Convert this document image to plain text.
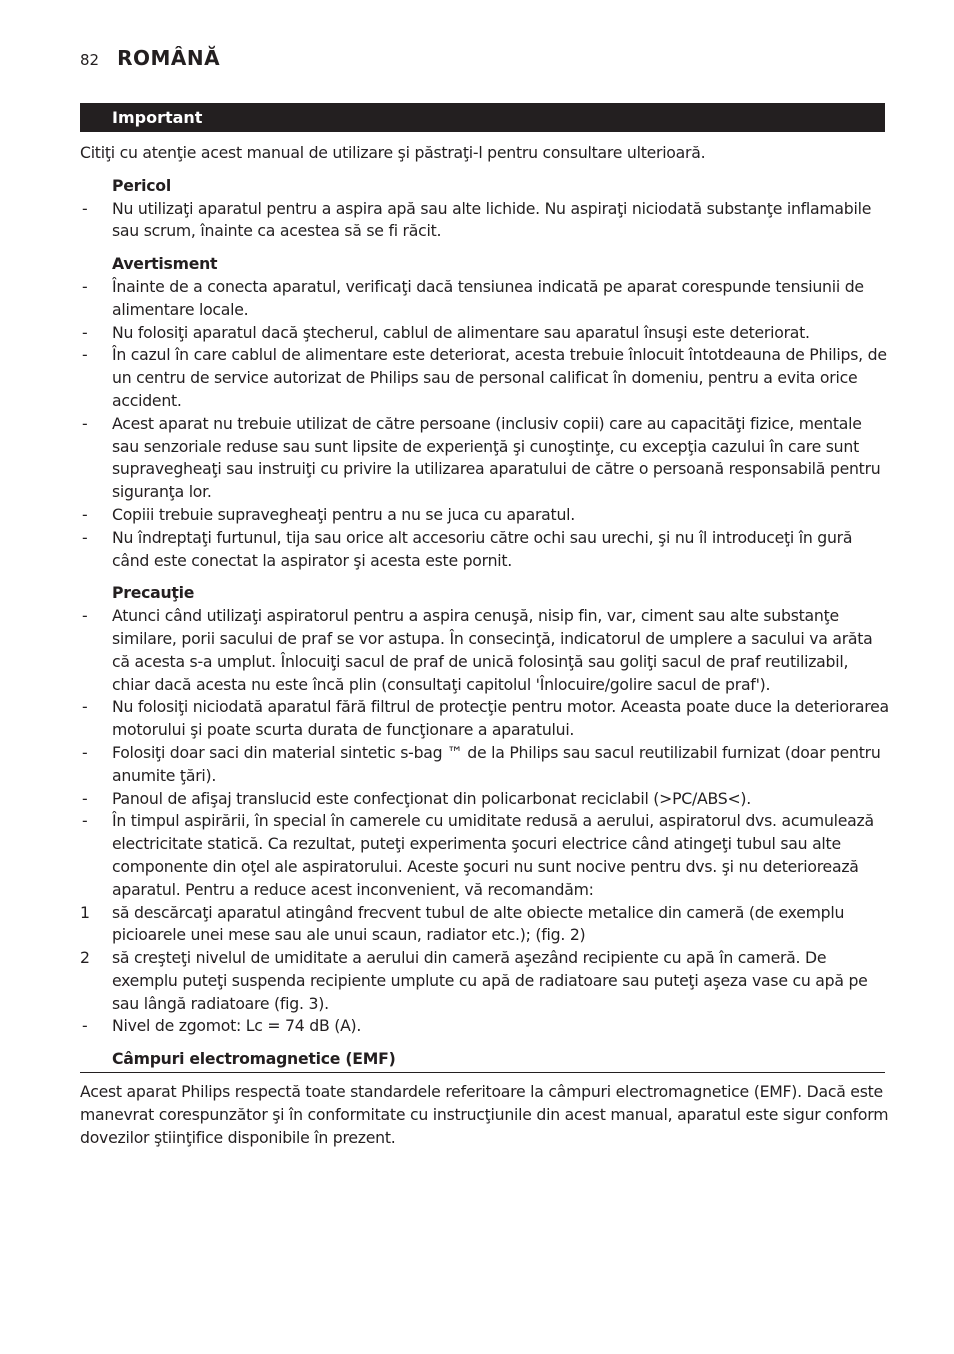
82 ROMÂNĂ
Important

Citiţi cu atenţie acest manual de utilizare şi păstraţi-l pentru consultare ulterioară.

Pericol

- Nu utilizaţi aparatul pentru a aspira apă sau alte lichide. Nu aspiraţi niciodată substanţe inflamabile sau scrum, înainte ca acestea să se fi răcit.

Avertisment

- Înainte de a conecta aparatul, verificaţi dacă tensiunea indicată pe aparat corespunde tensiunii de alimentare locale.
- Nu folosiţi aparatul dacă ştecherul, cablul de alimentare sau aparatul însuşi este deteriorat.
- În cazul în care cablul de alimentare este deteriorat, acesta trebuie înlocuit întotdeauna de Philips, de un centru de service autorizat de Philips sau de personal calificat în domeniu, pentru a evita orice accident.
- Acest aparat nu trebuie utilizat de către persoane (inclusiv copii) care au capacităţi fizice, mentale sau senzoriale reduse sau sunt lipsite de experienţă şi cunoştinţe, cu excepţia cazului în care sunt supravegheaţi sau instruiţi cu privire la utilizarea aparatului de către o persoană responsabilă pentru siguranţa lor.
- Copiii trebuie supravegheaţi pentru a nu se juca cu aparatul.
- Nu îndreptaţi furtunul, tija sau orice alt accesoriu către ochi sau urechi, şi nu îl introduceţi în gură când este conectat la aspirator şi acesta este pornit.

Precauţie

- Atunci când utilizaţi aspiratorul pentru a aspira cenuşă, nisip fin, var, ciment sau alte substanţe similare, porii sacului de praf se vor astupa. În consecinţă, indicatorul de umplere a sacului va arăta că acesta s-a umplut. Înlocuiţi sacul de praf de unică folosinţă sau goliţi sacul de praf reutilizabil, chiar dacă acesta nu este încă plin (consultaţi capitolul 'Înlocuire/golire sacul de praf').
- Nu folosiţi niciodată aparatul fără filtrul de protecţie pentru motor. Aceasta poate duce la deteriorarea motorului şi poate scurta durata de funcţionare a aparatului.
- Folosiţi doar saci din material sintetic s-bag ™ de la Philips sau sacul reutilizabil furnizat (doar pentru anumite ţări).
- Panoul de afişaj translucid este confecţionat din policarbonat reciclabil (>PC/ABS<).
- În timpul aspirării, în special în camerele cu umiditate redusă a aerului, aspiratorul dvs. acumulează electricitate statică. Ca rezultat, puteţi experimenta şocuri electrice când atingeţi tubul sau alte componente din oţel ale aspiratorului. Aceste şocuri nu sunt nocive pentru dvs. şi nu deteriorează aparatul. Pentru a reduce acest inconvenient, vă recomandăm:
1 să descărcaţi aparatul atingând frecvent tubul de alte obiecte metalice din cameră (de exemplu picioarele unei mese sau ale unui scaun, radiator etc.); (fig. 2)
2 să creşteţi nivelul de umiditate a aerului din cameră aşezând recipiente cu apă în cameră. De exemplu puteţi suspenda recipiente umplute cu apă de radiatoare sau puteţi aşeza vase cu apă pe sau lângă radiatoare (fig. 3).
- Nivel de zgomot: Lc = 74 dB (A).

Câmpuri electromagnetice (EMF)

Acest aparat Philips respectă toate standardele referitoare la câmpuri electromagnetice (EMF). Dacă este manevrat corespunzător şi în conformitate cu instrucţiunile din acest manual, aparatul este sigur conform dovezilor ştiinţifice disponibile în prezent.
